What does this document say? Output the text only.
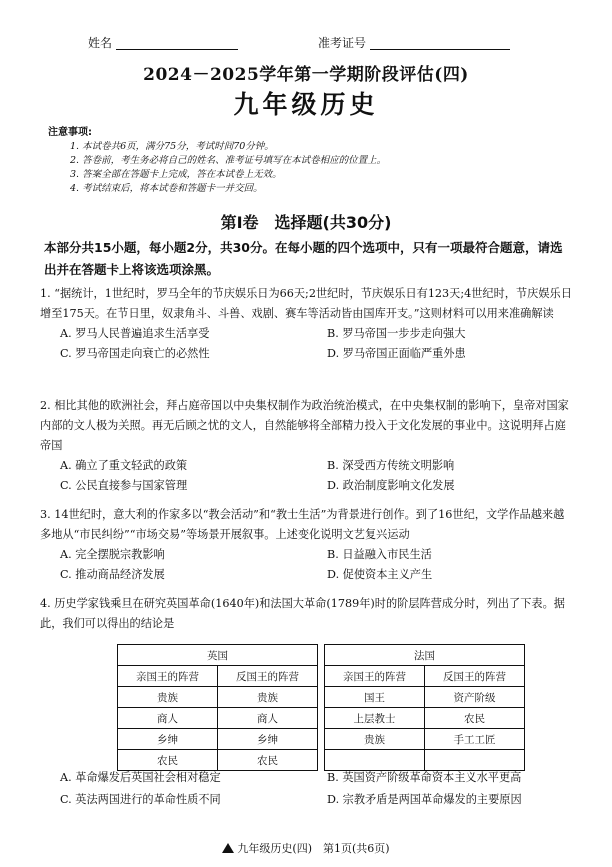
姓名	准考证号
2024－2025学年第一学期阶段评估(四)
九年级历史
注意事项:
1. 本试卷共6页，满分75分，考试时间70分钟。
2. 答卷前，考生务必将自己的姓名、准考证号填写在本试卷相应的位置上。
3. 答案全部在答题卡上完成，答在本试卷上无效。
4. 考试结束后，将本试卷和答题卡一并交回。
第Ⅰ卷　选择题(共30分)
本部分共15小题，每小题2分，共30分。在每小题的四个选项中，只有一项最符合题意，请选出并在答题卡上将该选项涂黑。
1. “据统计，1世纪时，罗马全年的节庆娱乐日为66天;2世纪时，节庆娱乐日有123天;4世纪时，节庆娱乐日增至175天。在节日里，奴隶角斗、斗兽、戏剧、赛车等活动皆由国库开支。”这则材料可以用来准确解读
A. 罗马人民普遍追求生活享受	B. 罗马帝国一步步走向强大
C. 罗马帝国走向衰亡的必然性	D. 罗马帝国正面临严重外患
2. 相比其他的欧洲社会，拜占庭帝国以中央集权制作为政治统治模式，在中央集权制的影响下，皇帝对国家内部的文人极为关照。再无后顾之忧的文人，自然能够将全部精力投入于文化发展的事业中。这说明拜占庭帝国
A. 确立了重文轻武的政策	B. 深受西方传统文明影响
C. 公民直接参与国家管理	D. 政治制度影响文化发展
3. 14世纪时，意大利的作家多以“教会活动”和“教士生活”为背景进行创作。到了16世纪，文学作品越来越多地从“市民纠纷”“市场交易”等场景开展叙事。上述变化说明文艺复兴运动
A. 完全摆脱宗教影响	B. 日益融入市民生活
C. 推动商品经济发展	D. 促使资本主义产生
4. 历史学家钱乘旦在研究英国革命(1640年)和法国大革命(1789年)时的阶层阵营成分时，列出了下表。据此，我们可以得出的结论是
英国			法国	
亲国王的阵营	反国王的阵营		亲国王的阵营	反国王的阵营
贵族	贵族		国王	资产阶级
商人	商人		上层教士	农民
乡绅	乡绅		贵族	手工工匠
农民	农民			
A. 革命爆发后英国社会相对稳定	B. 英国资产阶级革命资本主义水平更高
C. 英法两国进行的革命性质不同	D. 宗教矛盾是两国革命爆发的主要原因
九年级历史(四)　第1页(共6页)
